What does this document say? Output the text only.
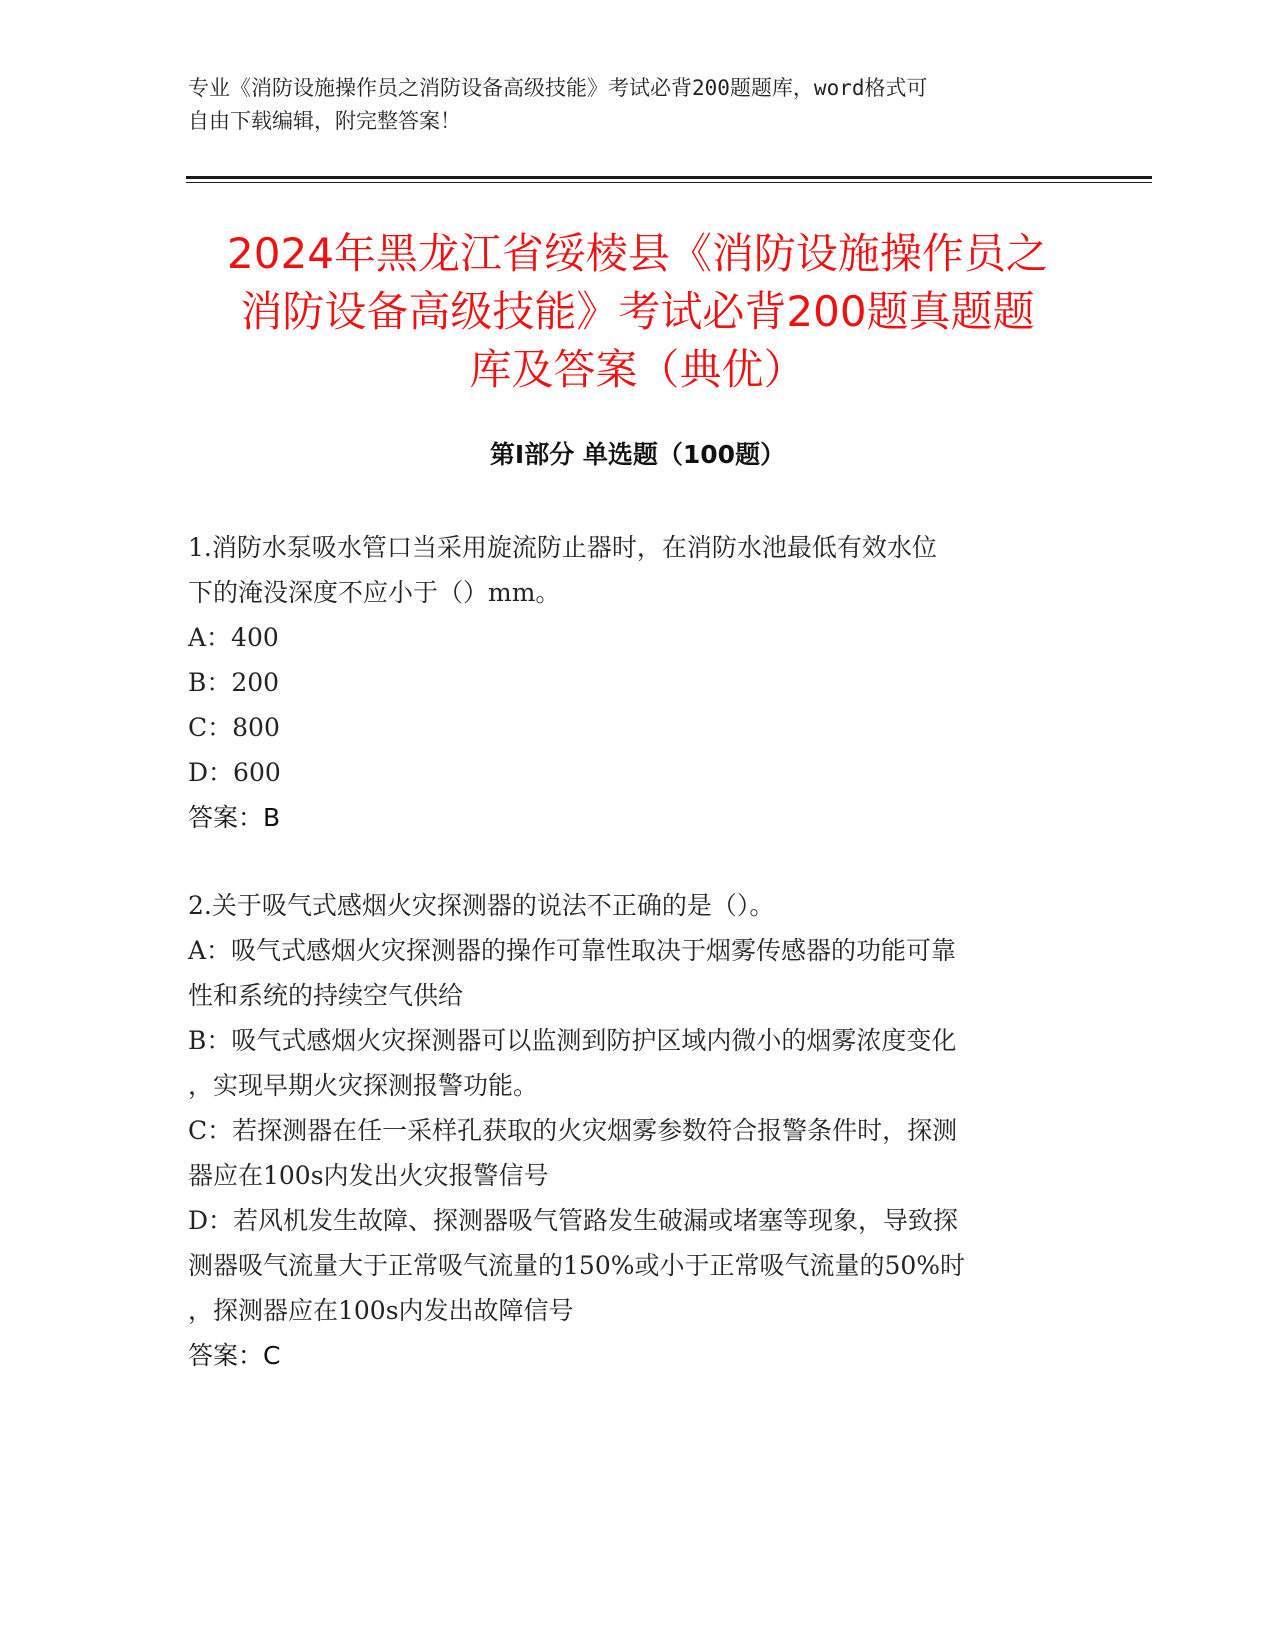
专业《消防设施操作员之消防设备高级技能》考试必背200题题库，word格式可
自由下载编辑，附完整答案！
2024年黑龙江省绥棱县《消防设施操作员之
消防设备高级技能》考试必背200题真题题
库及答案（典优）
第I部分 单选题（100题）
1.消防水泵吸水管口当采用旋流防止器时，在消防水池最低有效水位
下的淹没深度不应小于（）mm。
A：400
B：200
C：800
D：600
答案：B
2.关于吸气式感烟火灾探测器的说法不正确的是（）。
A：吸气式感烟火灾探测器的操作可靠性取决于烟雾传感器的功能可靠
性和系统的持续空气供给
B：吸气式感烟火灾探测器可以监测到防护区域内微小的烟雾浓度变化
，实现早期火灾探测报警功能。
C：若探测器在任一采样孔获取的火灾烟雾参数符合报警条件时，探测
器应在100s内发出火灾报警信号
D：若风机发生故障、探测器吸气管路发生破漏或堵塞等现象，导致探
测器吸气流量大于正常吸气流量的150%或小于正常吸气流量的50%时
，探测器应在100s内发出故障信号
答案：C
